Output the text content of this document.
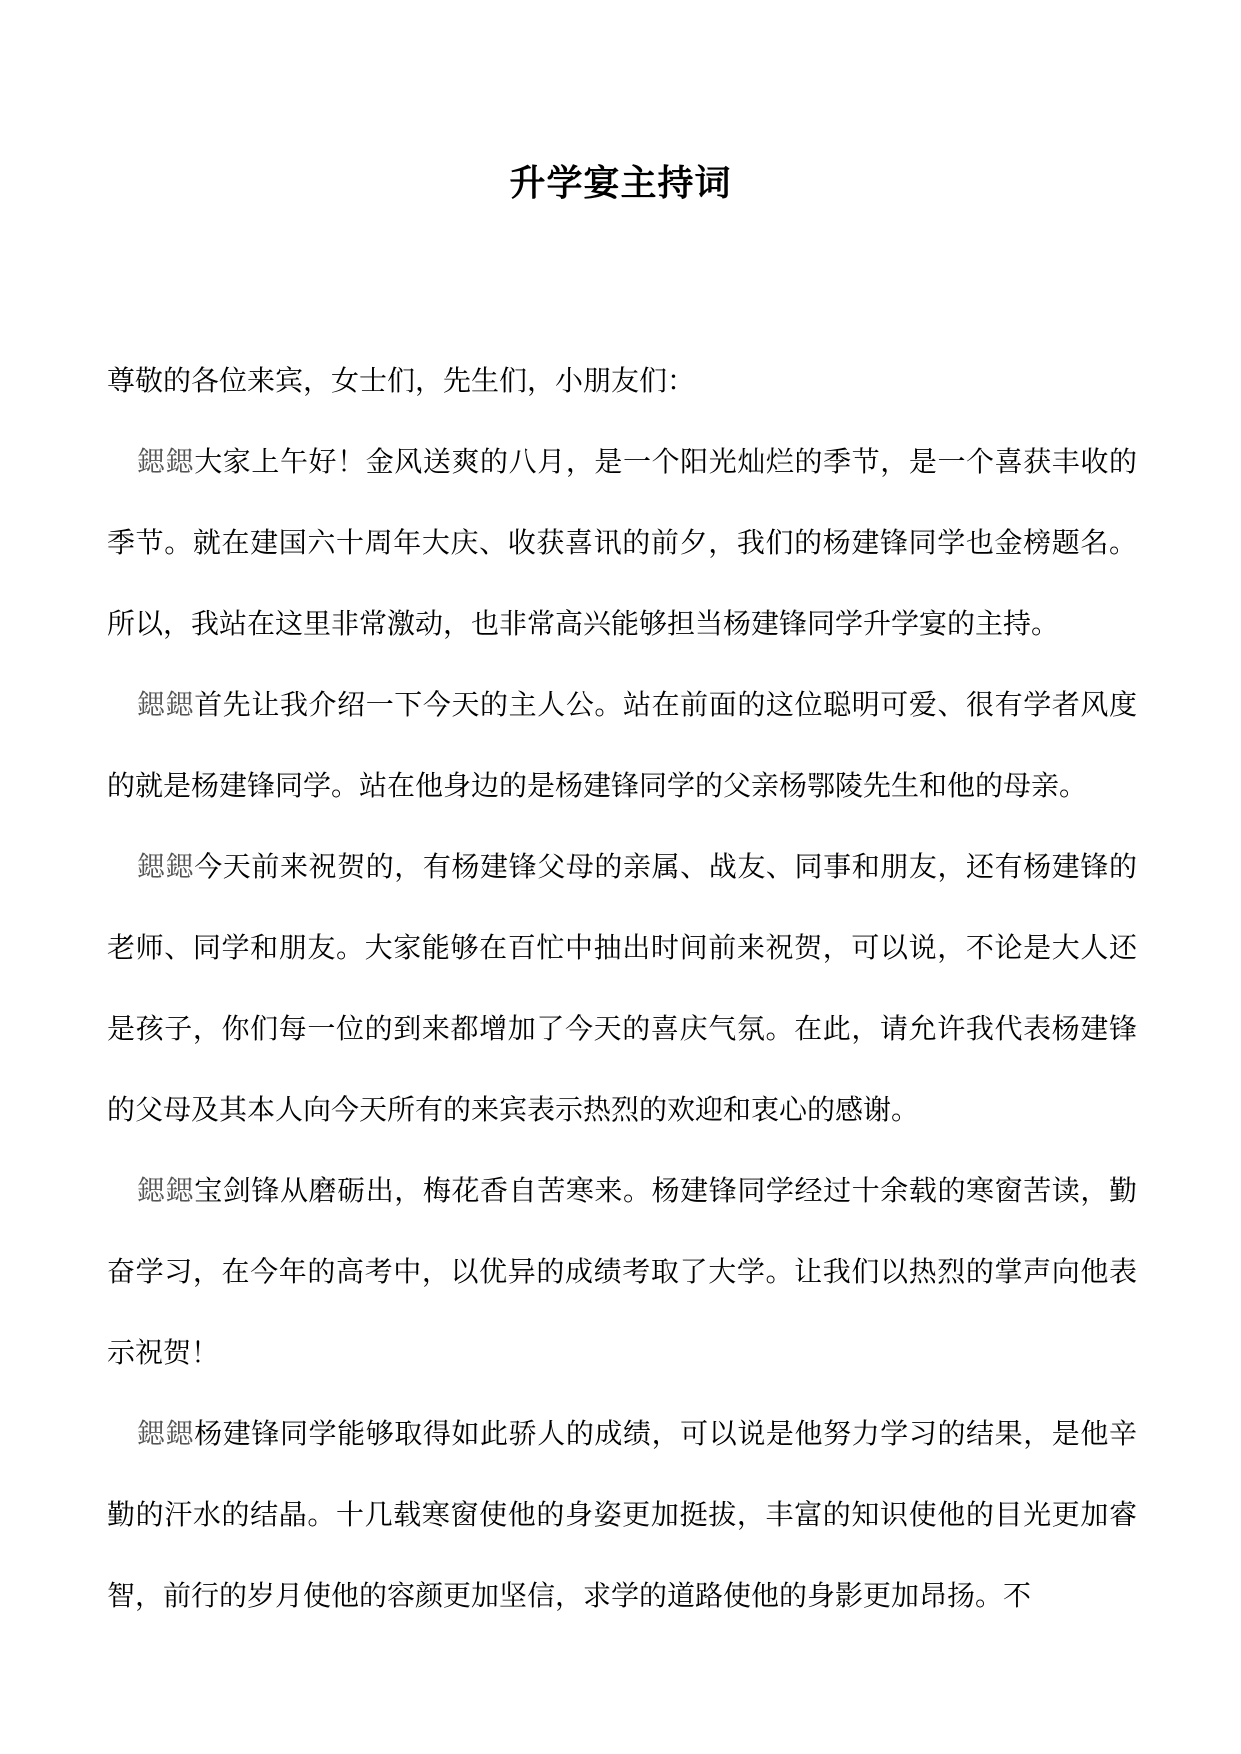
升学宴主持词

尊敬的各位来宾，女士们，先生们，小朋友们：

鍶鍶大家上午好！金风送爽的八月，是一个阳光灿烂的季节，是一个喜获丰收的季节。就在建国六十周年大庆、收获喜讯的前夕，我们的杨建锋同学也金榜题名。所以，我站在这里非常激动，也非常高兴能够担当杨建锋同学升学宴的主持。

鍶鍶首先让我介绍一下今天的主人公。站在前面的这位聪明可爱、很有学者风度的就是杨建锋同学。站在他身边的是杨建锋同学的父亲杨鄂陵先生和他的母亲。

鍶鍶今天前来祝贺的，有杨建锋父母的亲属、战友、同事和朋友，还有杨建锋的老师、同学和朋友。大家能够在百忙中抽出时间前来祝贺，可以说，不论是大人还是孩子，你们每一位的到来都增加了今天的喜庆气氛。在此，请允许我代表杨建锋的父母及其本人向今天所有的来宾表示热烈的欢迎和衷心的感谢。

鍶鍶宝剑锋从磨砺出，梅花香自苦寒来。杨建锋同学经过十余载的寒窗苦读，勤奋学习，在今年的高考中，以优异的成绩考取了大学。让我们以热烈的掌声向他表示祝贺！

鍶鍶杨建锋同学能够取得如此骄人的成绩，可以说是他努力学习的结果，是他辛勤的汗水的结晶。十几载寒窗使他的身姿更加挺拔，丰富的知识使他的目光更加睿智，前行的岁月使他的容颜更加坚信，求学的道路使他的身影更加昂扬。不
